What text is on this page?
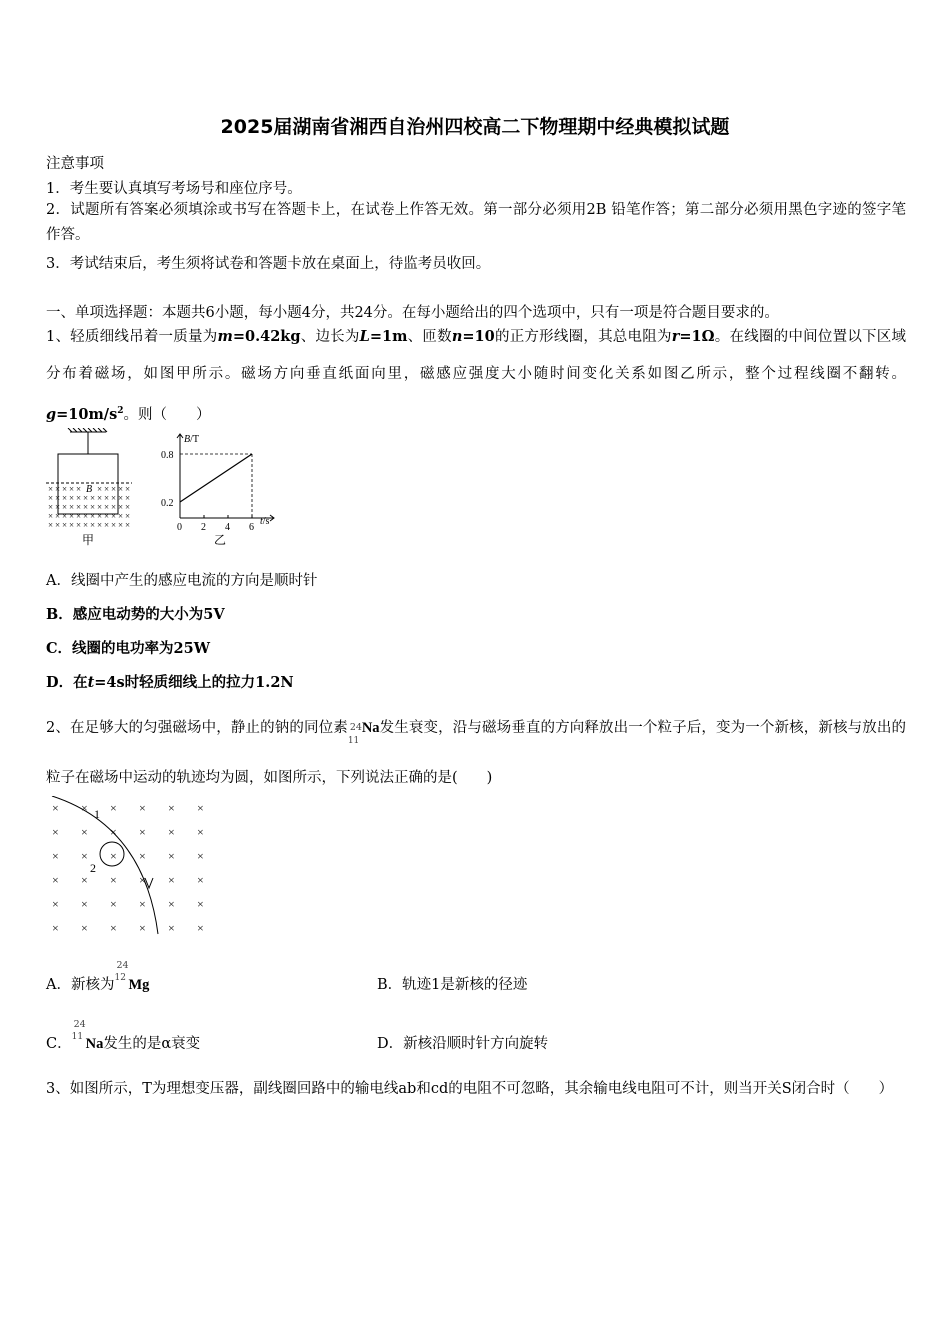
2025届湖南省湘西自治州四校高二下物理期中经典模拟试题
注意事项
1．考生要认真填写考场号和座位序号。
2．试题所有答案必须填涂或书写在答题卡上，在试卷上作答无效。第一部分必须用2B 铅笔作答；第二部分必须用黑色字迹的签字笔作答。
3．考试结束后，考生须将试卷和答题卡放在桌面上，待监考员收回。
一、单项选择题：本题共6小题，每小题4分，共24分。在每小题给出的四个选项中，只有一项是符合题目要求的。
1、轻质细线吊着一质量为m=0.42kg、边长为L=1m、匝数n=10的正方形线圈，其总电阻为r=1Ω。在线圈的中间位置以下区域分布着磁场，如图甲所示。磁场方向垂直纸面向里，磁感应强度大小随时间变化关系如图乙所示，整个过程线圈不翻转。$g=10m/s^2$。则（　　）
× × × × × × × × × ×
× × × × × × × × × × × ×
× × × × × × × × × × × ×
× × × × × × × × × × × ×
× × × × × × × × × × × ×
B
甲
0 2 4 6
0.2
0.8
B/T
t/s
乙
A．线圈中产生的感应电流的方向是顺时针
B．感应电动势的大小为5V
C．线圈的电功率为25W
D．在t=4s时轻质细线上的拉力1.2N
2、在足够大的匀强磁场中，静止的钠的同位素 24
11
Na发生衰变，沿与磁场垂直的方向释放出一个粒子后，变为一个新核，新核与放出的粒子在磁场中运动的轨迹均为圆，如图所示，下列说法正确的是(　　)
× × × × × ×
× × × × × ×
× × × × × ×
× × × × × ×
× × × × × ×
× × × × × ×
1
2
A．新核为
24
12 Mg	B．轨迹1是新核的径迹
C．
24
11 Na发生的是α衰变	D．新核沿顺时针方向旋转
3、如图所示，T为理想变压器，副线圈回路中的输电线ab和cd的电阻不可忽略，其余输电线电阻可不计，则当开关S闭合时（　　）
